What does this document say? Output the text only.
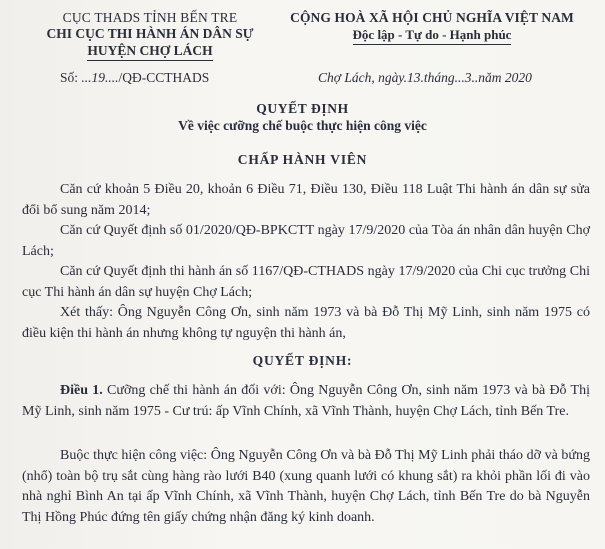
CỤC THADS TỈNH BẾN TRE
CHI CỤC THI HÀNH ÁN DÂN SỰ
HUYỆN CHỢ LÁCH
CỘNG HOÀ XÃ HỘI CHỦ NGHĨA VIỆT NAM
Độc lập - Tự do - Hạnh phúc
Số: ...19..../QĐ-CCTHADS	Chợ Lách, ngày.13.tháng...3..năm 2020
QUYẾT ĐỊNH
Về việc cưỡng chế buộc thực hiện công việc
CHẤP HÀNH VIÊN
Căn cứ khoản 5 Điều 20, khoản 6 Điều 71, Điều 130, Điều 118 Luật Thi hành án dân sự sửa đổi bổ sung năm 2014;
Căn cứ Quyết định số 01/2020/QĐ-BPKCTT ngày 17/9/2020 của Tòa án nhân dân huyện Chợ Lách;
Căn cứ Quyết định thi hành án số 1167/QĐ-CTHADS ngày 17/9/2020 của Chi cục trưởng Chi cục Thi hành án dân sự huyện Chợ Lách;
Xét thấy: Ông Nguyễn Công Ơn, sinh năm 1973 và bà Đỗ Thị Mỹ Linh, sinh năm 1975 có điều kiện thi hành án nhưng không tự nguyện thi hành án,
QUYẾT ĐỊNH:
Điều 1. Cưỡng chế thi hành án đối với: Ông Nguyễn Công Ơn, sinh năm 1973 và bà Đỗ Thị Mỹ Linh, sinh năm 1975 - Cư trú: ấp Vĩnh Chính, xã Vĩnh Thành, huyện Chợ Lách, tỉnh Bến Tre.
Buộc thực hiện công việc: Ông Nguyễn Công Ơn và bà Đỗ Thị Mỹ Linh phải tháo dỡ và bứng (nhổ) toàn bộ trụ sắt cùng hàng rào lưới B40 (xung quanh lưới có khung sắt) ra khỏi phần lối đi vào nhà nghỉ Bình An tại ấp Vĩnh Chính, xã Vĩnh Thành, huyện Chợ Lách, tỉnh Bến Tre do bà Nguyễn Thị Hồng Phúc đứng tên giấy chứng nhận đăng ký kinh doanh.
